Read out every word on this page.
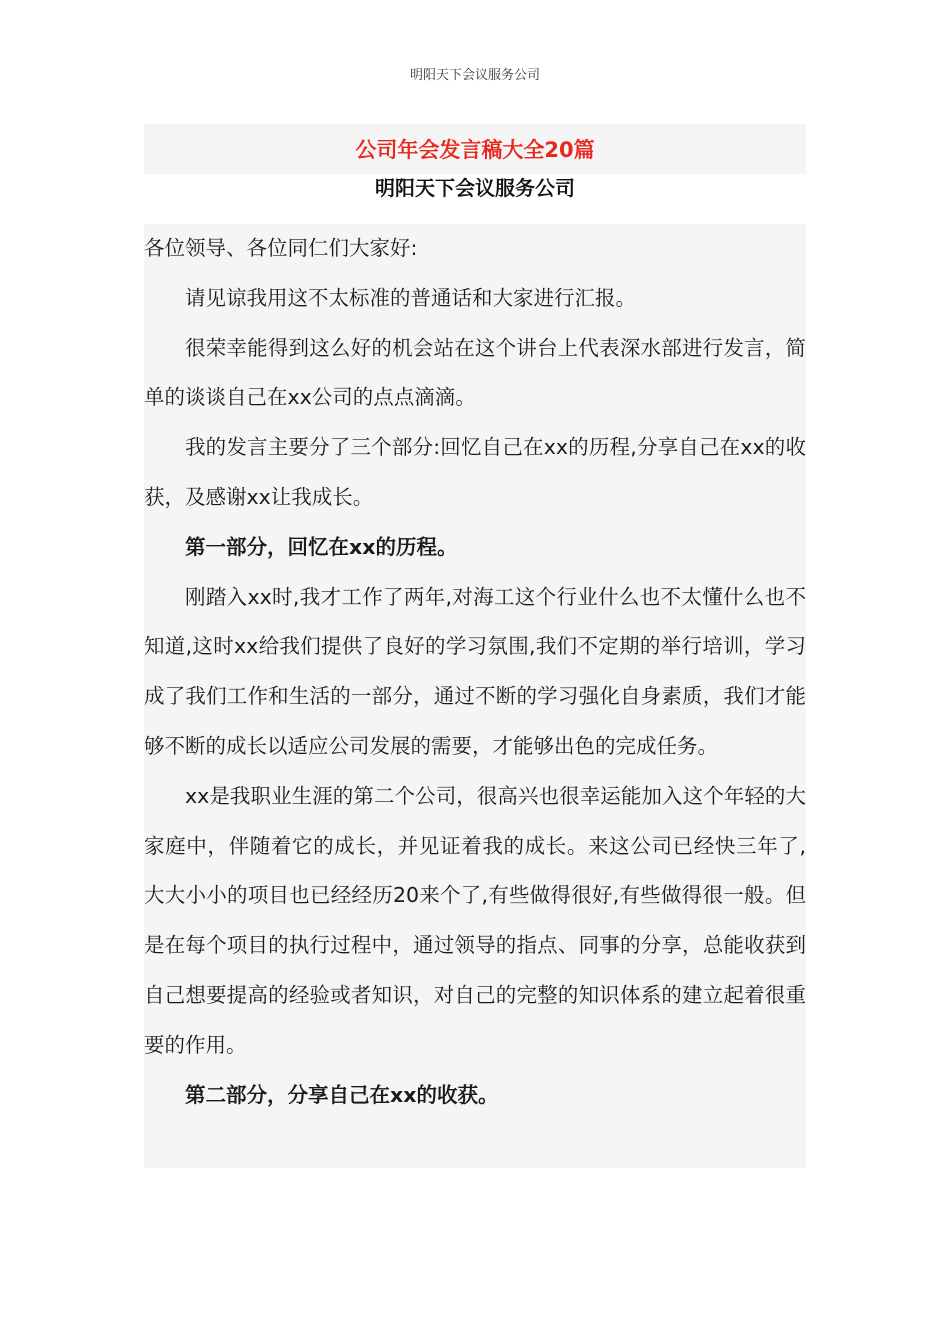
明阳天下会议服务公司
公司年会发言稿大全20篇
明阳天下会议服务公司

各位领导、各位同仁们大家好:

请见谅我用这不太标准的普通话和大家进行汇报。

很荣幸能得到这么好的机会站在这个讲台上代表深水部进行发言，简单的谈谈自己在xx公司的点点滴滴。

我的发言主要分了三个部分:回忆自己在xx的历程,分享自己在xx的收获，及感谢xx让我成长。

第一部分，回忆在xx的历程。

刚踏入xx时,我才工作了两年,对海工这个行业什么也不太懂什么也不知道,这时xx给我们提供了良好的学习氛围,我们不定期的举行培训，学习成了我们工作和生活的一部分，通过不断的学习强化自身素质，我们才能够不断的成长以适应公司发展的需要，才能够出色的完成任务。

xx是我职业生涯的第二个公司，很高兴也很幸运能加入这个年轻的大家庭中，伴随着它的成长，并见证着我的成长。来这公司已经快三年了,大大小小的项目也已经经历20来个了,有些做得很好,有些做得很一般。但是在每个项目的执行过程中，通过领导的指点、同事的分享，总能收获到自己想要提高的经验或者知识，对自己的完整的知识体系的建立起着很重要的作用。

第二部分，分享自己在xx的收获。
